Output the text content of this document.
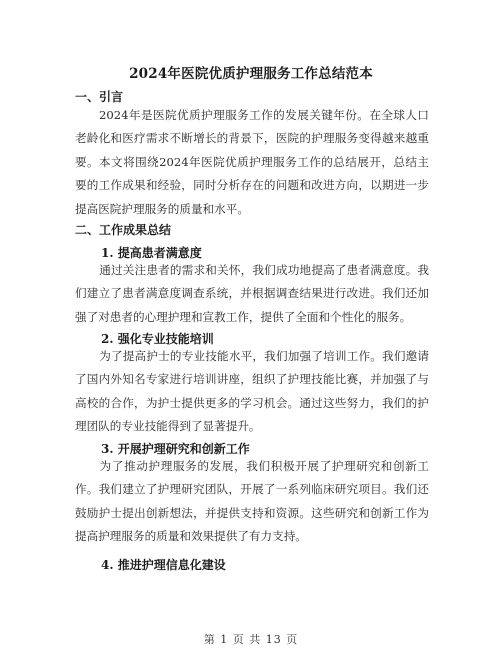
2024年医院优质护理服务工作总结范本
一、引言
2024年是医院优质护理服务工作的发展关键年份。在全球人口老龄化和医疗需求不断增长的背景下，医院的护理服务变得越来越重要。本文将围绕2024年医院优质护理服务工作的总结展开，总结主要的工作成果和经验，同时分析存在的问题和改进方向，以期进一步提高医院护理服务的质量和水平。
二、工作成果总结
1. 提高患者满意度
通过关注患者的需求和关怀，我们成功地提高了患者满意度。我们建立了患者满意度调查系统，并根据调查结果进行改进。我们还加强了对患者的心理护理和宣教工作，提供了全面和个性化的服务。
2. 强化专业技能培训
为了提高护士的专业技能水平，我们加强了培训工作。我们邀请了国内外知名专家进行培训讲座，组织了护理技能比赛，并加强了与高校的合作，为护士提供更多的学习机会。通过这些努力，我们的护理团队的专业技能得到了显著提升。
3. 开展护理研究和创新工作
为了推动护理服务的发展，我们积极开展了护理研究和创新工作。我们建立了护理研究团队，开展了一系列临床研究项目。我们还鼓励护士提出创新想法，并提供支持和资源。这些研究和创新工作为提高护理服务的质量和效果提供了有力支持。
4. 推进护理信息化建设
第 1 页 共 13 页
